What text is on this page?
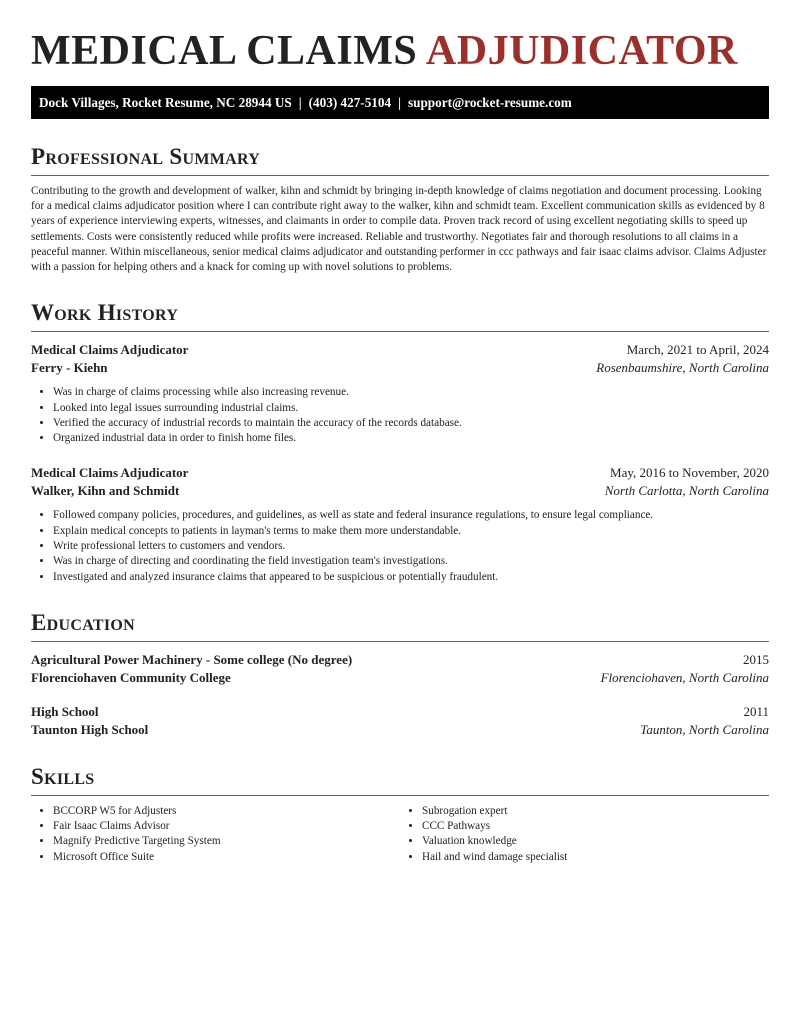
MEDICAL CLAIMS ADJUDICATOR
Dock Villages, Rocket Resume, NC 28944 US | (403) 427-5104 | support@rocket-resume.com
Professional Summary

Contributing to the growth and development of walker, kihn and schmidt by bringing in-depth knowledge of claims negotiation and document processing. Looking for a medical claims adjudicator position where I can contribute right away to the walker, kihn and schmidt team. Excellent communication skills as evidenced by 8 years of experience interviewing experts, witnesses, and claimants in order to compile data. Proven track record of using excellent negotiating skills to speed up settlements. Costs were consistently reduced while profits were increased. Reliable and trustworthy. Negotiates fair and thorough resolutions to all claims in a peaceful manner. Within miscellaneous, senior medical claims adjudicator and outstanding performer in ccc pathways and fair isaac claims advisor. Claims Adjuster with a passion for helping others and a knack for coming up with novel solutions to problems.

Work History
Medical Claims Adjudicator	March, 2021 to April, 2024
Ferry - Kiehn	Rosenbaumshire, North Carolina
• Was in charge of claims processing while also increasing revenue.
• Looked into legal issues surrounding industrial claims.
• Verified the accuracy of industrial records to maintain the accuracy of the records database.
• Organized industrial data in order to finish home files.
Medical Claims Adjudicator	May, 2016 to November, 2020
Walker, Kihn and Schmidt	North Carlotta, North Carolina
• Followed company policies, procedures, and guidelines, as well as state and federal insurance regulations, to ensure legal compliance.
• Explain medical concepts to patients in layman's terms to make them more understandable.
• Write professional letters to customers and vendors.
• Was in charge of directing and coordinating the field investigation team's investigations.
• Investigated and analyzed insurance claims that appeared to be suspicious or potentially fraudulent.
Education
Agricultural Power Machinery - Some college (No degree)	2015
Florenciohaven Community College	Florenciohaven, North Carolina
High School	2011
Taunton High School	Taunton, North Carolina
Skills
• BCCORP W5 for Adjusters
• Fair Isaac Claims Advisor
• Magnify Predictive Targeting System
• Microsoft Office Suite
• Subrogation expert
• CCC Pathways
• Valuation knowledge
• Hail and wind damage specialist
